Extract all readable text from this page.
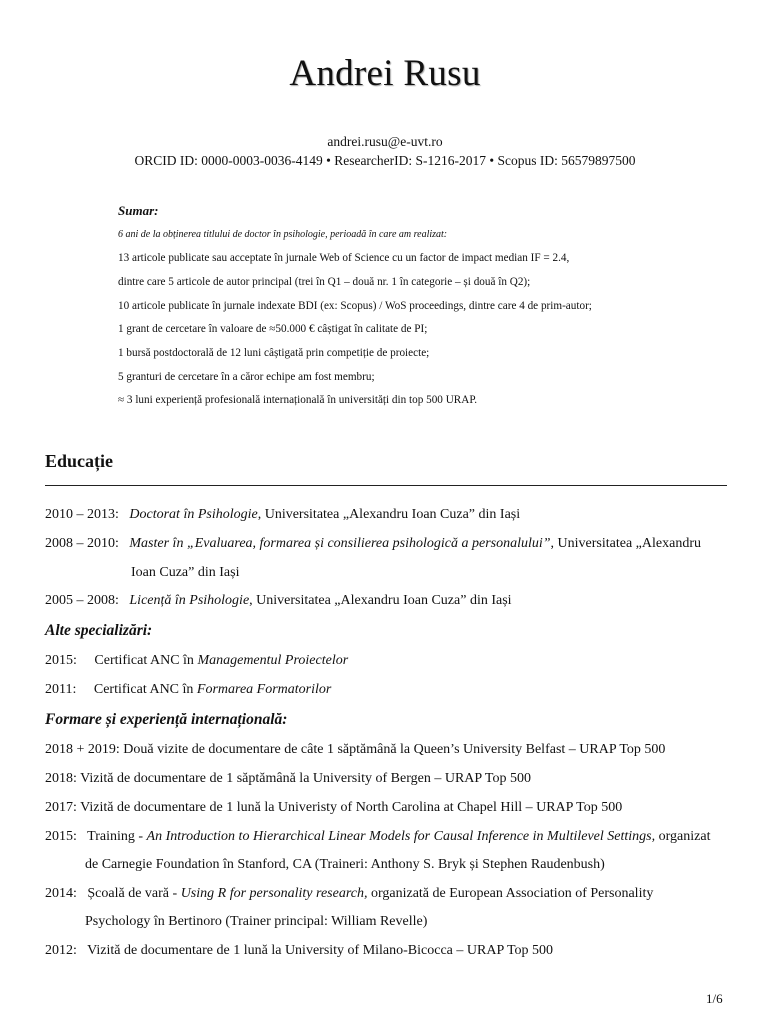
Andrei Rusu
andrei.rusu@e-uvt.ro
ORCID ID: 0000-0003-0036-4149 • ResearcherID: S-1216-2017 • Scopus ID: 56579897500
Sumar:
6 ani de la obținerea titlului de doctor în psihologie, perioadă în care am realizat:
13 articole publicate sau acceptate în jurnale Web of Science cu un factor de impact median IF = 2.4,
dintre care 5 articole de autor principal (trei în Q1 – două nr. 1 în categorie – și două în Q2);
10 articole publicate în jurnale indexate BDI (ex: Scopus) / WoS proceedings, dintre care 4 de prim-autor;
1 grant de cercetare în valoare de ≈50.000 € câștigat în calitate de PI;
1 bursă postdoctorală de 12 luni câștigată prin competiție de proiecte;
5 granturi de cercetare în a căror echipe am fost membru;
≈ 3 luni experiență profesională internațională în universități din top 500 URAP.
Educație
2010 – 2013: Doctorat în Psihologie, Universitatea „Alexandru Ioan Cuza” din Iași
2008 – 2010: Master în „Evaluarea, formarea și consilierea psihologică a personalului”, Universitatea „Alexandru
Ioan Cuza” din Iași
2005 – 2008: Licență în Psihologie, Universitatea „Alexandru Ioan Cuza” din Iași
Alte specializări:
2015: Certificat ANC în Managementul Proiectelor
2011: Certificat ANC în Formarea Formatorilor
Formare și experiență internațională:
2018 + 2019: Două vizite de documentare de câte 1 săptămână la Queen’s University Belfast – URAP Top 500
2018: Vizită de documentare de 1 săptămână la University of Bergen – URAP Top 500
2017: Vizită de documentare de 1 lună la Univeristy of North Carolina at Chapel Hill – URAP Top 500
2015: Training - An Introduction to Hierarchical Linear Models for Causal Inference in Multilevel Settings, organizat
de Carnegie Foundation în Stanford, CA (Traineri: Anthony S. Bryk și Stephen Raudenbush)
2014: Școală de vară - Using R for personality research, organizată de European Association of Personality
Psychology în Bertinoro (Trainer principal: William Revelle)
2012: Vizită de documentare de 1 lună la University of Milano-Bicocca – URAP Top 500
1/6
